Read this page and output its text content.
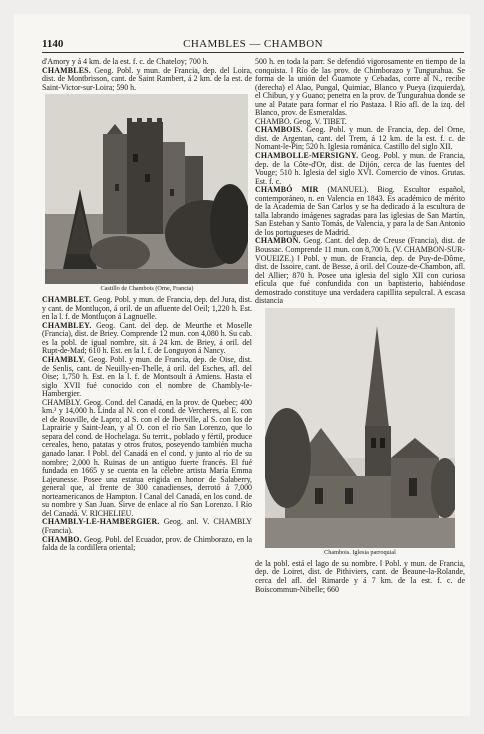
1140	CHAMBLES — CHAMBON

d'Amory y á 4 km. de la est. f. c. de Chateloy; 700 h.

CHAMBLES. Geog. Pobl. y mun. de Francia, dep. del Loira, dist. de Montbrisson, cant. de Saint Rambert, á 2 km. de la est. de Saint-Victor-sur-Loira; 590 h.

Castillo de Chambois (Orne, Francia)

CHAMBLET. Geog. Pobl. y mun. de Francia, dep. del Jura, dist. y cant. de Montluçon, á oril. de un afluente del Oeil; 1,220 h. Est. en la l. f. de Montluçon á Lagnuelle.

CHAMBLEY. Geog. Cant. del dep. de Meurthe et Moselle (Francia), dist. de Briey. Comprende 12 mun. con 4,080 h. Su cab. es la pobl. de igual nombre, sit. á 24 km. de Briey, á oril. del Rupt-de-Mad; 610 h. Est. en la l. f. de Longuyon á Nancy.

CHAMBLY. Geog. Pobl. y mun. de Francia, dep. de Oise, dist. de Senlis, cant. de Neuilly-en-Thelle, á oril. del Esches, afl. del Oise; 1,750 h. Est. en la l. f. de Montsoult á Amiens. Hasta el siglo XVII fué conocido con el nombre de Chambly-le-Hambergier.

CHAMBLY. Geog. Cond. del Canadá, en la prov. de Quebec; 400 km.² y 14,000 h. Linda al N. con el cond. de Vercheres, al E. con el de Rouville, de Lapro; al S. con el de Iberville, al S. con los de Laprairie y Saint-Jean, y al O. con el río San Lorenzo, que lo separa del cond. de Hochelaga. Su territ., poblado y fértil, produce cereales, heno, patatas y otros frutos, poseyendo también mucha ganado lanar. ‖ Pobl. del Canadá en el cond. y junto al río de su nombre; 2,000 h. Ruinas de un antiguo fuerte francés. El fué fundada en 1665 y se cuenta en la célebre artista María Emma Lajeunesse. Posee una estatua erigida en honor de Salaberry, general que, al frente de 300 canadienses, derrotó á 7,000 norteamericanos de Hampton. ‖ Canal del Canadá, en los cond. de su nombre y San Juan. Sirve de enlace al río San Lorenzo. ‖ Río del Canadá. V. RICHELIEU.

CHAMBLY-LE-HAMBERGIER. Geog. anl. V. CHAMBLY (Francia).

CHAMBO. Geog. Pobl. del Ecuador, prov. de Chimborazo, en la falda de la cordillera oriental;

500 h. en toda la parr. Se defendió vigorosamente en tiempo de la conquista. ‖ Río de las prov. de Chimborazo y Tungurahua. Se forma de la unión del Guamote y Cebadas, corre al N., recibe (derecha) el Alao, Pungal, Quimiac, Blanco y Pueya (izquierda), el Chibun, y y Guano; penetra en la prov. de Tungurahua donde se une al Patate para formar el río Pastaza. ‖ Río afl. de la izq. del Blanco, prov. de Esmeraldas.

CHAMBO. Geog. V. TIBET.

CHAMBOIS. Geog. Pobl. y mun. de Francia, dep. del Orne, dist. de Argentan, cant. del Trem, á 12 km. de la est. f. c. de Nomant-le-Pin; 520 h. Iglesia románica. Castillo del siglo XII.

CHAMBOLLE-MERSIGNY. Geog. Pobl. y mun. de Francia, dep. de la Côte-d'Or, dist. de Dijón, cerca de las fuentes del Vouge; 510 h. Iglesia del siglo XVI. Comercio de vinos. Grutas. Est. f. c.

CHAMBÓ MIR (MANUEL). Biog. Escultor español, contemporáneo, n. en Valencia en 1843. Es académico de mérito de la Academia de San Carlos y se ha dedicado á la escultura de talla labrando imágenes sagradas para las iglesias de San Martín, San Esteban y Santo Tomás, de Valencia, y para la de San Antonio de los portugueses de Madrid.

CHAMBON. Geog. Cant. del dep. de Creuse (Francia), dist. de Boussac. Comprende 11 mun. con 8,700 h. (V. CHAMBON-SUR-VOUEIZE.) ‖ Pobl. y mun. de Francia, dep. de Puy-de-Dôme, dist. de Issoire, cant. de Besse, á oril. del Couze-de-Chambon, afl. del Allier; 870 h. Posee una iglesia del siglo XII con curiosa efícula que fué confundida con un baptisterio, habiéndose demostrado constituye una verdadera capillita sepulcral. A escasa distancia

Chambois. Iglesia parroquial

de la pobl. está el lago de su nombre. ‖ Pobl. y mun. de Francia, dep. de Loiret, dist. de Pithiviers, cant. de Beaune-la-Rolande, cerca del afl. del Rimarde y á 7 km. de la est. f. c. de Boiscommun-Nibelle; 660
